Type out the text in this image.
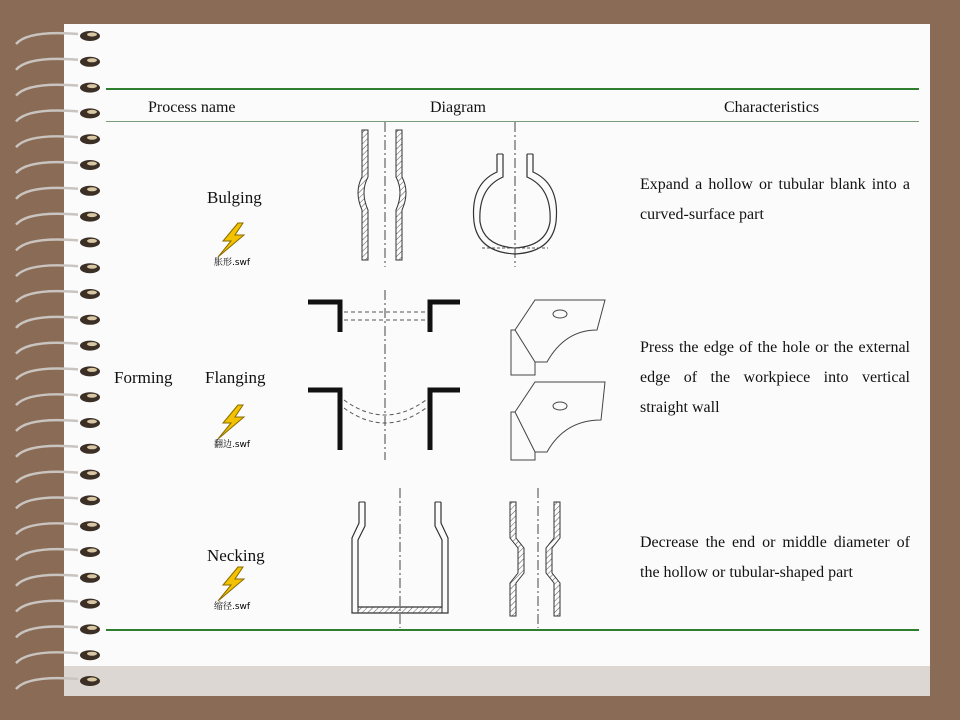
Process name	Diagram	Characteristics
Forming
Bulging
胀形.swf
Expand a hollow or tubular blank into a curved-surface part
Flanging
翻边.swf
Press the edge of the hole or the external edge of the workpiece into vertical straight wall
Necking
缩径.swf
Decrease the end or middle diameter of the hollow or tubular-shaped part
